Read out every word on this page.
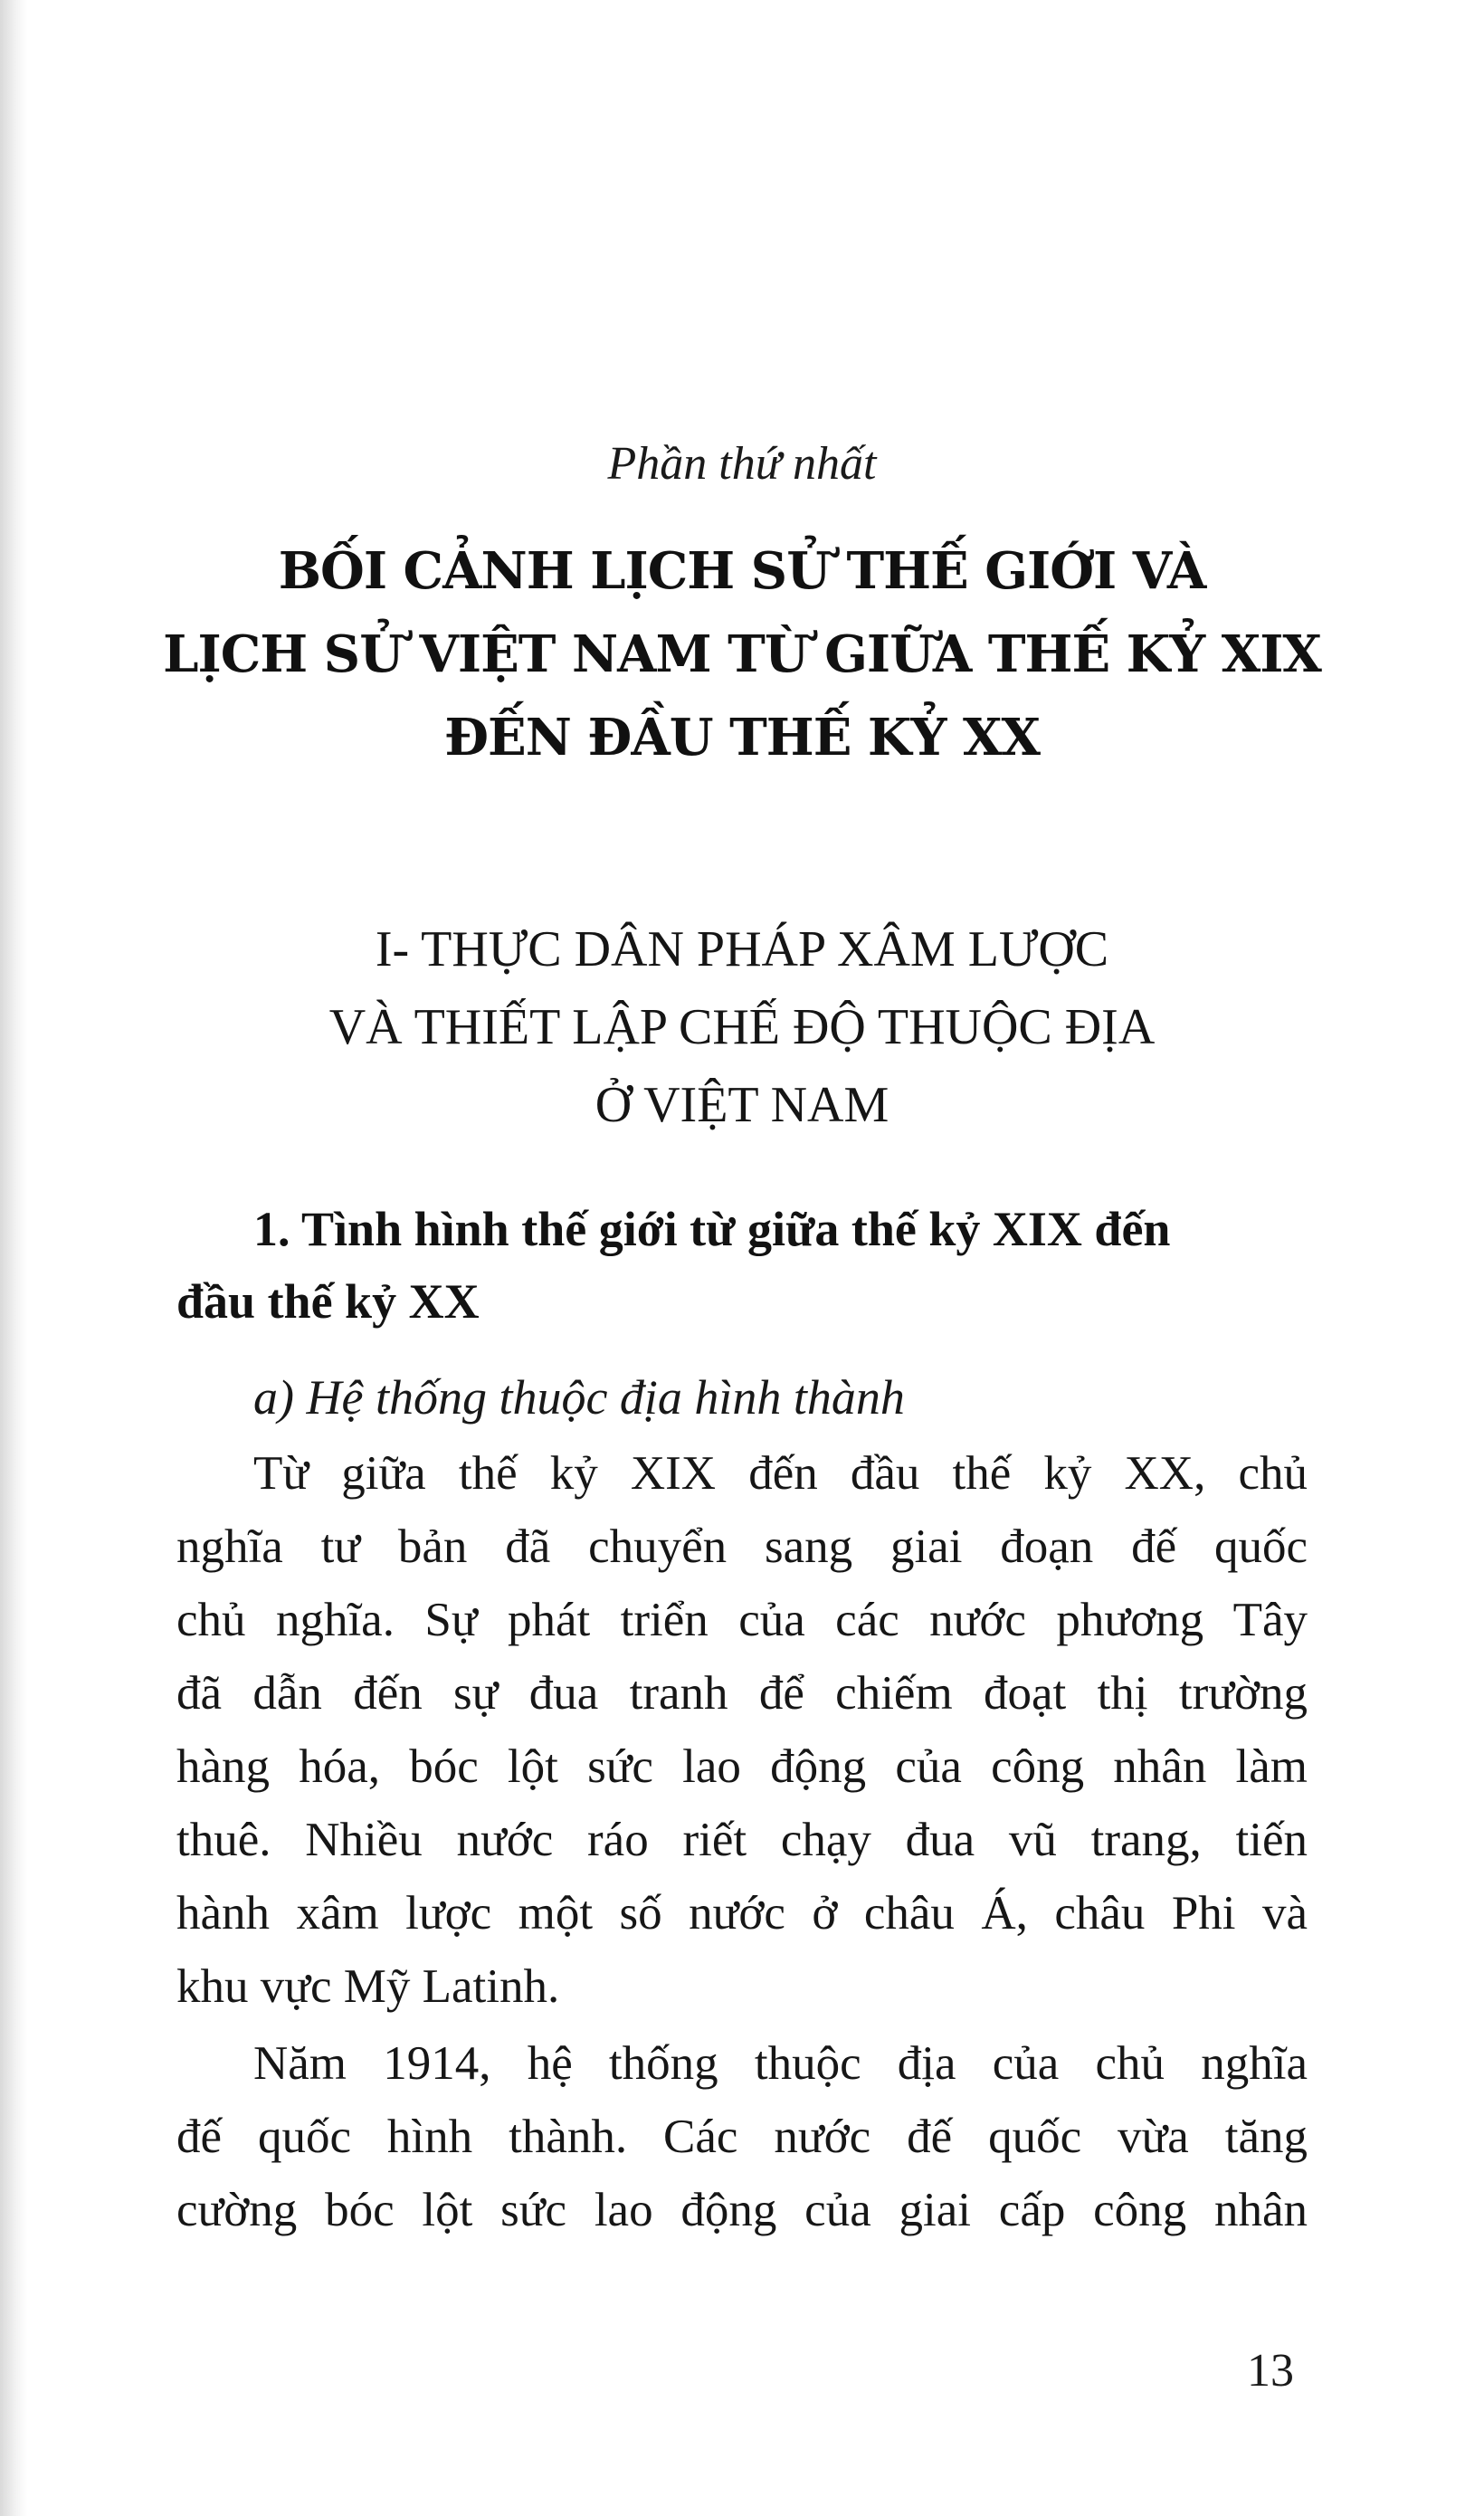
Phần thứ nhất
BỐI CẢNH LỊCH SỬ THẾ GIỚI VÀ
LỊCH SỬ VIỆT NAM TỪ GIỮA THẾ KỶ XIX
ĐẾN ĐẦU THẾ KỶ XX
I- THỰC DÂN PHÁP XÂM LƯỢC
VÀ THIẾT LẬP CHẾ ĐỘ THUỘC ĐỊA
Ở VIỆT NAM
1. Tình hình thế giới từ giữa thế kỷ XIX đến
đầu thế kỷ XX
a) Hệ thống thuộc địa hình thành
Từ giữa thế kỷ XIX đến đầu thế kỷ XX, chủ
nghĩa tư bản đã chuyển sang giai đoạn đế quốc
chủ nghĩa. Sự phát triển của các nước phương Tây
đã dẫn đến sự đua tranh để chiếm đoạt thị trường
hàng hóa, bóc lột sức lao động của công nhân làm
thuê. Nhiều nước ráo riết chạy đua vũ trang, tiến
hành xâm lược một số nước ở châu Á, châu Phi và
khu vực Mỹ Latinh.
Năm 1914, hệ thống thuộc địa của chủ nghĩa
đế quốc hình thành. Các nước đế quốc vừa tăng
cường bóc lột sức lao động của giai cấp công nhân
13
